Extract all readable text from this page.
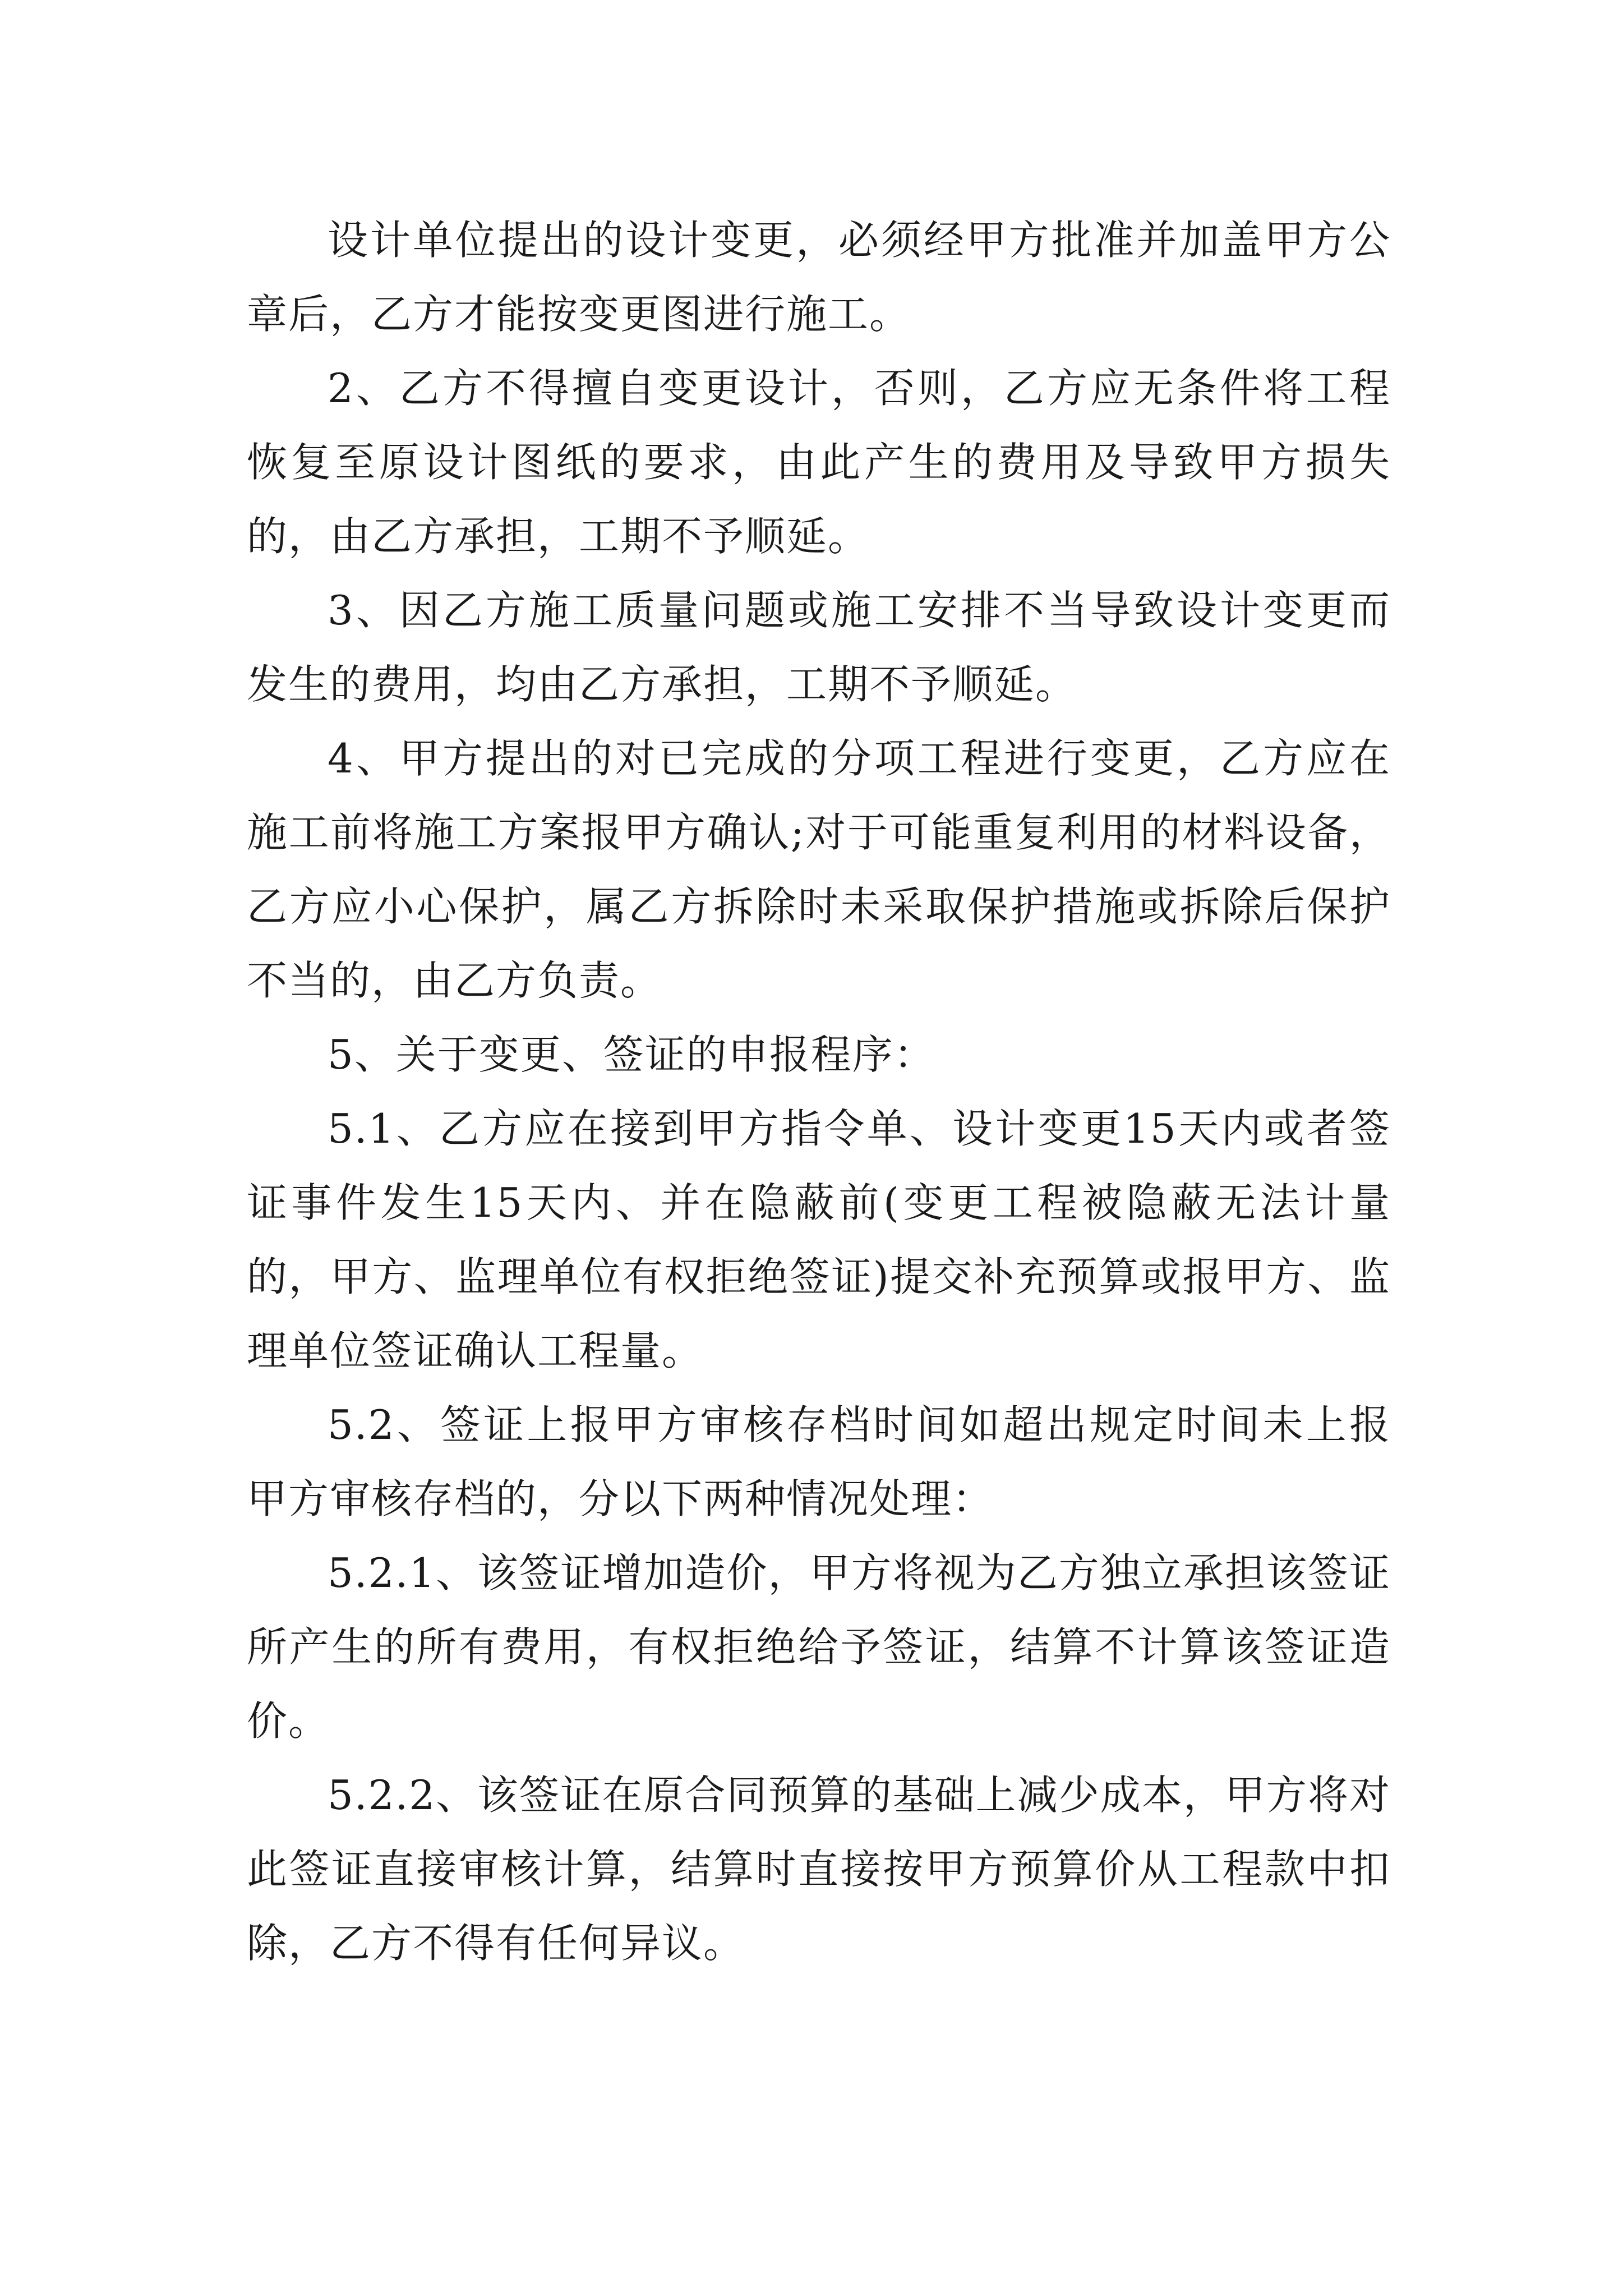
设计单位提出的设计变更，必须经甲方批准并加盖甲方公章后，乙方才能按变更图进行施工。

2、乙方不得擅自变更设计，否则，乙方应无条件将工程恢复至原设计图纸的要求，由此产生的费用及导致甲方损失的，由乙方承担，工期不予顺延。

3、因乙方施工质量问题或施工安排不当导致设计变更而发生的费用，均由乙方承担，工期不予顺延。

4、甲方提出的对已完成的分项工程进行变更，乙方应在施工前将施工方案报甲方确认;对于可能重复利用的材料设备，乙方应小心保护，属乙方拆除时未采取保护措施或拆除后保护不当的，由乙方负责。

5、关于变更、签证的申报程序：

5.1、乙方应在接到甲方指令单、设计变更15天内或者签证事件发生15天内、并在隐蔽前(变更工程被隐蔽无法计量的，甲方、监理单位有权拒绝签证)提交补充预算或报甲方、监理单位签证确认工程量。

5.2、签证上报甲方审核存档时间如超出规定时间未上报甲方审核存档的，分以下两种情况处理：

5.2.1、该签证增加造价，甲方将视为乙方独立承担该签证所产生的所有费用，有权拒绝给予签证，结算不计算该签证造价。

5.2.2、该签证在原合同预算的基础上减少成本，甲方将对此签证直接审核计算，结算时直接按甲方预算价从工程款中扣除，乙方不得有任何异议。
